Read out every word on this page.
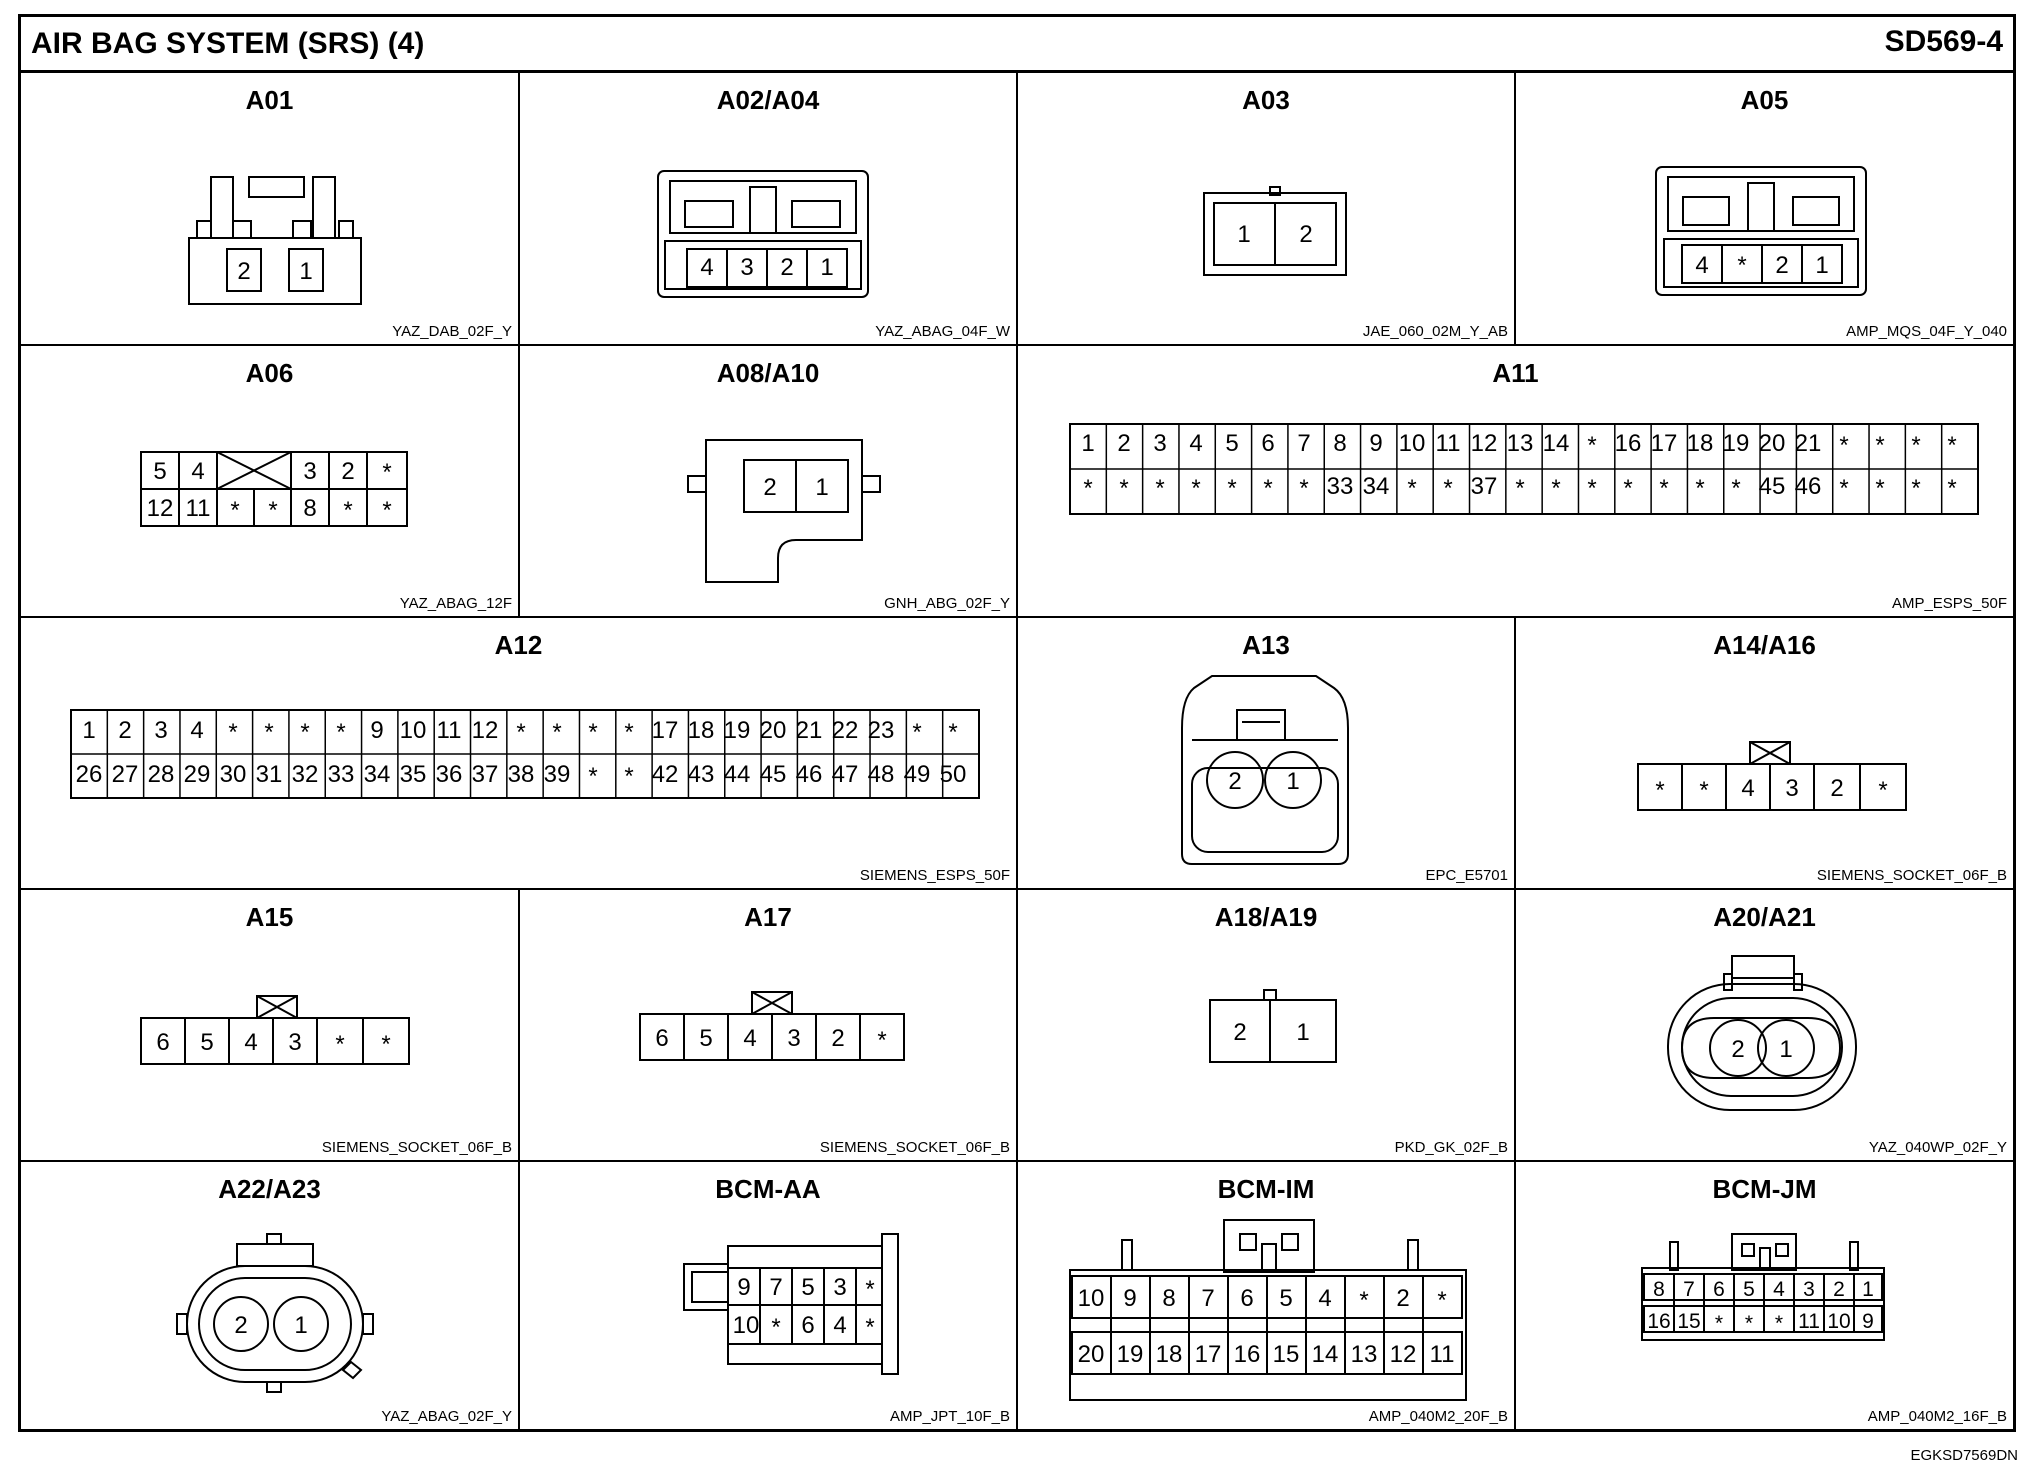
AIR BAG SYSTEM (SRS) (4)	SD569-4
A01
YAZ_DAB_02F_Y
2 1
A02/A04
YAZ_ABAG_04F_W
4 3 2 1
A03
JAE_060_02M_Y_AB
1 2
A05
AMP_MQS_04F_Y_040
4 * 2 1
A06
YAZ_ABAG_12F
5 4	3 2 *
12 11 * * 8 * *
A08/A10
GNH_ABG_02F_Y
2 1
A11
AMP_ESPS_50F
1 2 3 4 5 6 7 8 9 10 11 12 13 14 * 16 17 18 19 20 21 * * * *
* * * * * * * 33 34 * * 37 * * * * * * * 45 46 * * * *
A12
SIEMENS_ESPS_50F
1 2 3 4 * * * * 9 10 11 12 * * * * 17 18 19 20 21 22 23 * *
26 27 28 29 30 31 32 33 34 35 36 37 38 39 * * 42 43 44 45 46 47 48 49 50
A13
EPC_E5701
2 1
A14/A16
SIEMENS_SOCKET_06F_B
* * 4 3 2 *
A15
SIEMENS_SOCKET_06F_B
6 5 4 3 * *
A17
SIEMENS_SOCKET_06F_B
6 5 4 3 2 *
A18/A19
PKD_GK_02F_B
2 1
A20/A21
YAZ_040WP_02F_Y
2 1
A22/A23
YAZ_ABAG_02F_Y
2 1
BCM-AA
AMP_JPT_10F_B
9 7 5 3 *
10 * 6 4 *
BCM-IM
AMP_040M2_20F_B
10 9 8 7 6 5 4 * 2 *
20 19 18 17 16 15 14 13 12 11
BCM-JM
AMP_040M2_16F_B
8 7 6 5 4 3 2 1
16 15 * * * 11 10 9
EGKSD7569DN
